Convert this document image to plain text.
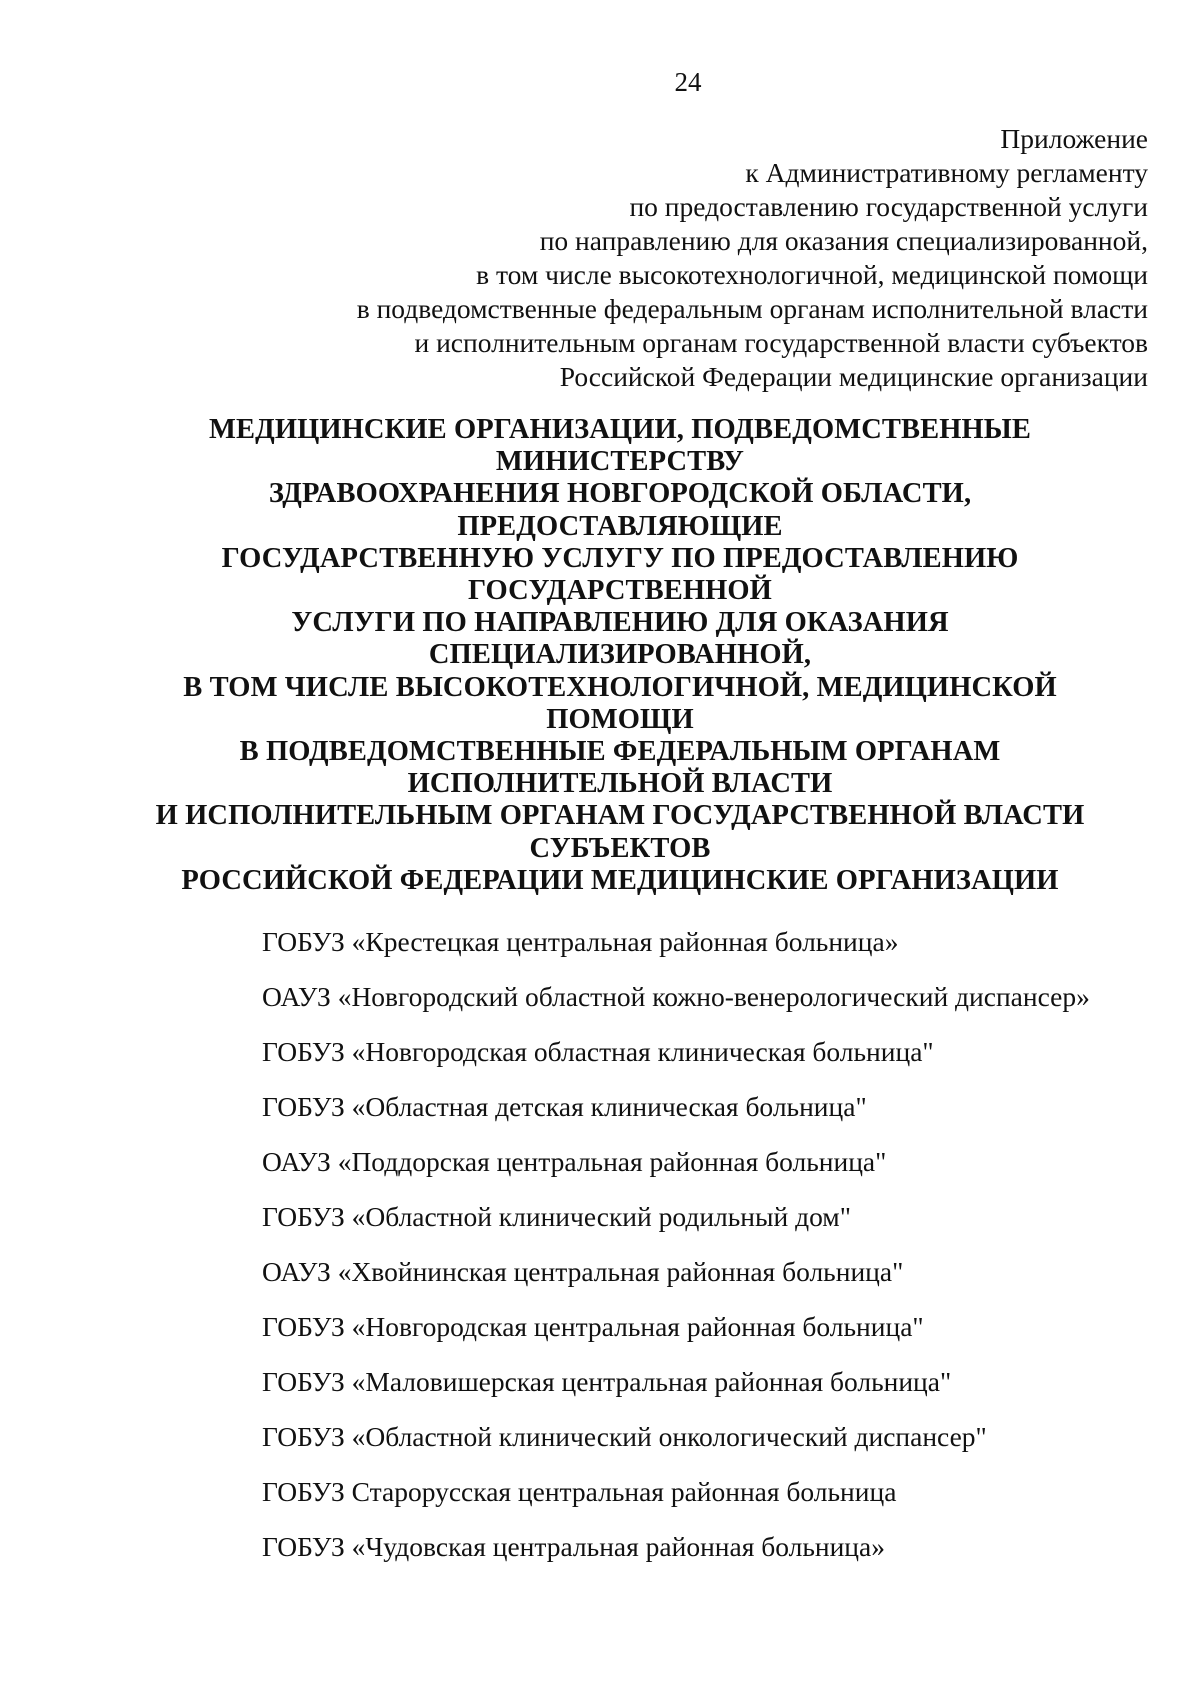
24
Приложение
к Административному регламенту
по предоставлению государственной услуги
по направлению для оказания специализированной,
в том числе высокотехнологичной, медицинской помощи
в подведомственные федеральным органам исполнительной власти
и исполнительным органам государственной власти субъектов
Российской Федерации медицинские организации
МЕДИЦИНСКИЕ ОРГАНИЗАЦИИ, ПОДВЕДОМСТВЕННЫЕ
МИНИСТЕРСТВУ
ЗДРАВООХРАНЕНИЯ НОВГОРОДСКОЙ ОБЛАСТИ,
ПРЕДОСТАВЛЯЮЩИЕ
ГОСУДАРСТВЕННУЮ УСЛУГУ ПО ПРЕДОСТАВЛЕНИЮ
ГОСУДАРСТВЕННОЙ
УСЛУГИ ПО НАПРАВЛЕНИЮ ДЛЯ ОКАЗАНИЯ
СПЕЦИАЛИЗИРОВАННОЙ,
В ТОМ ЧИСЛЕ ВЫСОКОТЕХНОЛОГИЧНОЙ, МЕДИЦИНСКОЙ
ПОМОЩИ
В ПОДВЕДОМСТВЕННЫЕ ФЕДЕРАЛЬНЫМ ОРГАНАМ
ИСПОЛНИТЕЛЬНОЙ ВЛАСТИ
И ИСПОЛНИТЕЛЬНЫМ ОРГАНАМ ГОСУДАРСТВЕННОЙ ВЛАСТИ
СУБЪЕКТОВ
РОССИЙСКОЙ ФЕДЕРАЦИИ МЕДИЦИНСКИЕ ОРГАНИЗАЦИИ
ГОБУЗ «Крестецкая центральная районная больница»
ОАУЗ «Новгородский областной кожно-венерологический диспансер»
ГОБУЗ «Новгородская областная клиническая больница"
ГОБУЗ «Областная детская клиническая больница"
ОАУЗ «Поддорская центральная районная больница"
ГОБУЗ «Областной клинический родильный дом"
ОАУЗ «Хвойнинская центральная районная больница"
ГОБУЗ «Новгородская центральная районная больница"
ГОБУЗ «Маловишерская центральная районная больница"
ГОБУЗ «Областной клинический онкологический диспансер"
ГОБУЗ Старорусская центральная районная больница
ГОБУЗ «Чудовская центральная районная больница»
